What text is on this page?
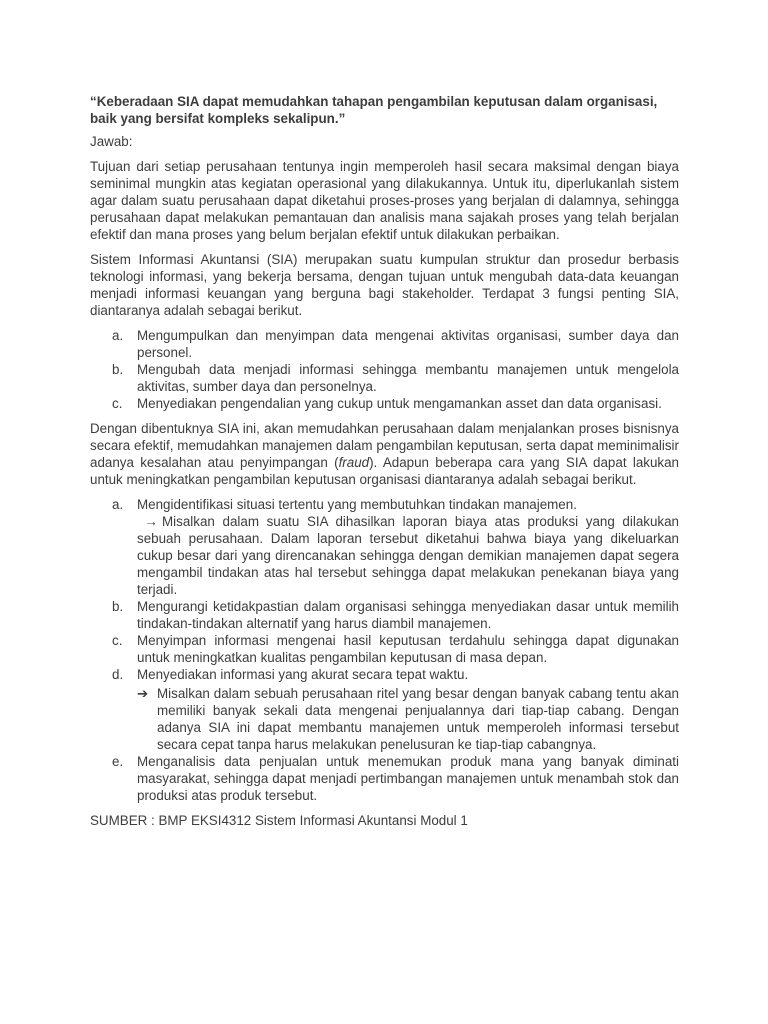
“Keberadaan SIA dapat memudahkan tahapan pengambilan keputusan dalam organisasi, baik yang bersifat kompleks sekalipun.”

Jawab:

Tujuan dari setiap perusahaan tentunya ingin memperoleh hasil secara maksimal dengan biaya seminimal mungkin atas kegiatan operasional yang dilakukannya. Untuk itu, diperlukanlah sistem agar dalam suatu perusahaan dapat diketahui proses-proses yang berjalan di dalamnya, sehingga perusahaan dapat melakukan pemantauan dan analisis mana sajakah proses yang telah berjalan efektif dan mana proses yang belum berjalan efektif untuk dilakukan perbaikan.

Sistem Informasi Akuntansi (SIA) merupakan suatu kumpulan struktur dan prosedur berbasis teknologi informasi, yang bekerja bersama, dengan tujuan untuk mengubah data-data keuangan menjadi informasi keuangan yang berguna bagi stakeholder. Terdapat 3 fungsi penting SIA, diantaranya adalah sebagai berikut.

a. Mengumpulkan dan menyimpan data mengenai aktivitas organisasi, sumber daya dan personel.
b. Mengubah data menjadi informasi sehingga membantu manajemen untuk mengelola aktivitas, sumber daya dan personelnya.
c. Menyediakan pengendalian yang cukup untuk mengamankan asset dan data organisasi.

Dengan dibentuknya SIA ini, akan memudahkan perusahaan dalam menjalankan proses bisnisnya secara efektif, memudahkan manajemen dalam pengambilan keputusan, serta dapat meminimalisir adanya kesalahan atau penyimpangan (fraud). Adapun beberapa cara yang SIA dapat lakukan untuk meningkatkan pengambilan keputusan organisasi diantaranya adalah sebagai berikut.

a. Mengidentifikasi situasi tertentu yang membutuhkan tindakan manajemen.
→ Misalkan dalam suatu SIA dihasilkan laporan biaya atas produksi yang dilakukan sebuah perusahaan. Dalam laporan tersebut diketahui bahwa biaya yang dikeluarkan cukup besar dari yang direncanakan sehingga dengan demikian manajemen dapat segera mengambil tindakan atas hal tersebut sehingga dapat melakukan penekanan biaya yang terjadi.
b. Mengurangi ketidakpastian dalam organisasi sehingga menyediakan dasar untuk memilih tindakan-tindakan alternatif yang harus diambil manajemen.
c. Menyimpan informasi mengenai hasil keputusan terdahulu sehingga dapat digunakan untuk meningkatkan kualitas pengambilan keputusan di masa depan.
d. Menyediakan informasi yang akurat secara tepat waktu.
➔ Misalkan dalam sebuah perusahaan ritel yang besar dengan banyak cabang tentu akan memiliki banyak sekali data mengenai penjualannya dari tiap-tiap cabang. Dengan adanya SIA ini dapat membantu manajemen untuk memperoleh informasi tersebut secara cepat tanpa harus melakukan penelusuran ke tiap-tiap cabangnya.
e. Menganalisis data penjualan untuk menemukan produk mana yang banyak diminati masyarakat, sehingga dapat menjadi pertimbangan manajemen untuk menambah stok dan produksi atas produk tersebut.

SUMBER : BMP EKSI4312 Sistem Informasi Akuntansi Modul 1
